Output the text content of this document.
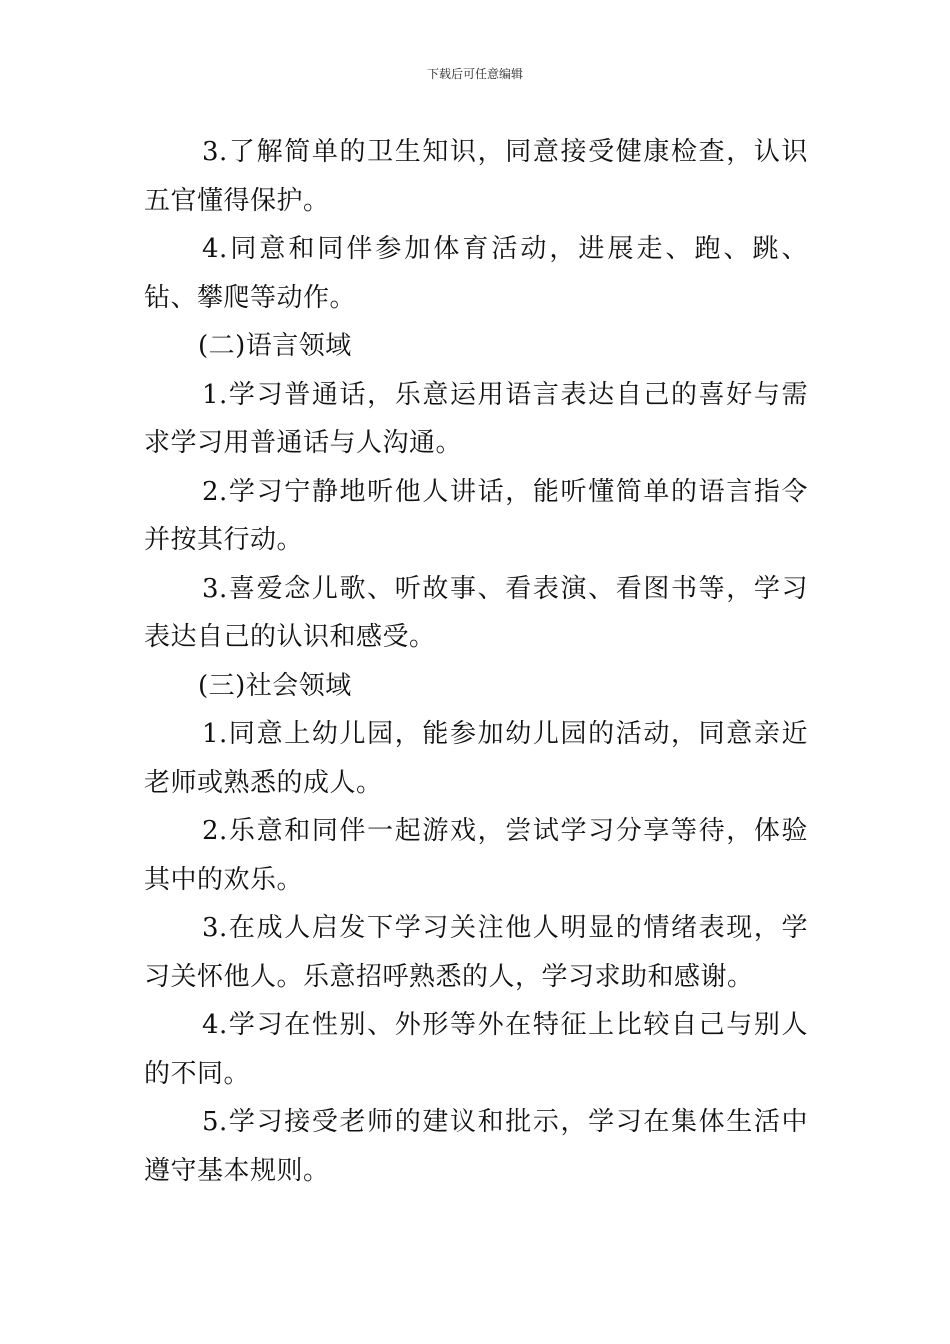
下载后可任意编辑

3.了解简单的卫生知识，同意接受健康检查，认识五官懂得保护。

4.同意和同伴参加体育活动，进展走、跑、跳、钻、攀爬等动作。

(二)语言领域

1.学习普通话，乐意运用语言表达自己的喜好与需求学习用普通话与人沟通。

2.学习宁静地听他人讲话，能听懂简单的语言指令并按其行动。

3.喜爱念儿歌、听故事、看表演、看图书等，学习表达自己的认识和感受。

(三)社会领域

1.同意上幼儿园，能参加幼儿园的活动，同意亲近老师或熟悉的成人。

2.乐意和同伴一起游戏，尝试学习分享等待，体验其中的欢乐。

3.在成人启发下学习关注他人明显的情绪表现，学习关怀他人。乐意招呼熟悉的人，学习求助和感谢。

4.学习在性别、外形等外在特征上比较自己与别人的不同。

5.学习接受老师的建议和批示，学习在集体生活中遵守基本规则。
